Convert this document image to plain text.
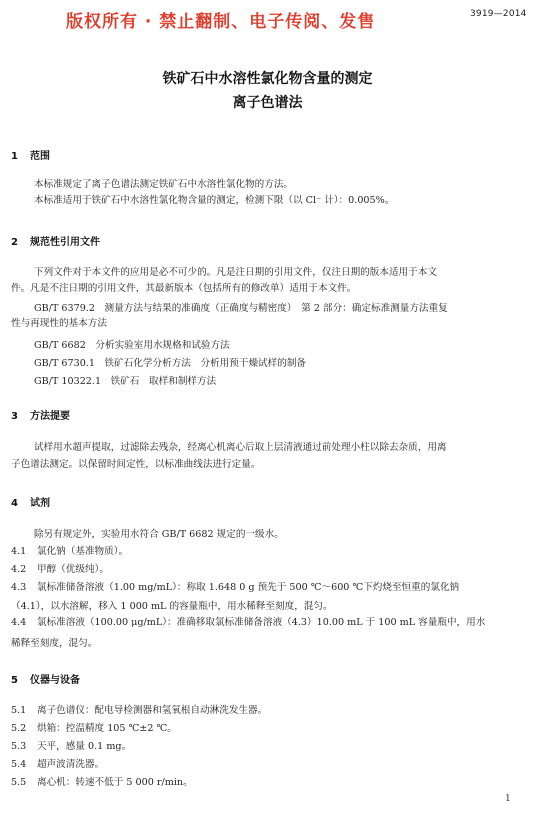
版权所有 · 禁止翻制、电子传阅、发售	3919—2014
铁矿石中水溶性氯化物含量的测定
离子色谱法
1 范围
本标准规定了离子色谱法测定铁矿石中水溶性氯化物的方法。
本标准适用于铁矿石中水溶性氯化物含量的测定，检测下限（以 Cl⁻ 计）：0.005%。
2 规范性引用文件
下列文件对于本文件的应用是必不可少的。凡是注日期的引用文件，仅注日期的版本适用于本文
件。凡是不注日期的引用文件，其最新版本（包括所有的修改单）适用于本文件。
GB/T 6379.2　测量方法与结果的准确度（正确度与精密度）　第 2 部分：确定标准测量方法重复
性与再现性的基本方法
GB/T 6682　分析实验室用水规格和试验方法
GB/T 6730.1　铁矿石化学分析方法　分析用预干燥试样的制备
GB/T 10322.1　铁矿石　取样和制样方法
3 方法提要
试样用水超声提取，过滤除去残杂，经离心机离心后取上层清液通过前处理小柱以除去杂质，用离
子色谱法测定。以保留时间定性，以标准曲线法进行定量。
4 试剂
除另有规定外，实验用水符合 GB/T 6682 规定的一级水。
4.1 氯化钠（基准物质）。
4.2 甲醇（优级纯）。
4.3 氯标准储备溶液（1.00 mg/mL）：称取 1.648 0 g 预先于 500 ℃～600 ℃下灼烧至恒重的氯化钠
（4.1），以水溶解，移入 1 000 mL 的容量瓶中，用水稀释至刻度，混匀。
4.4 氯标准溶液（100.00 μg/mL）：准确移取氯标准储备溶液（4.3）10.00 mL 于 100 mL 容量瓶中，用水
稀释至刻度，混匀。
5 仪器与设备
5.1 离子色谱仪：配电导检测器和氢氧根自动淋洗发生器。
5.2 烘箱：控温精度 105 ℃±2 ℃。
5.3 天平，感量 0.1 mg。
5.4 超声波清洗器。
5.5 离心机：转速不低于 5 000 r/min。
1
